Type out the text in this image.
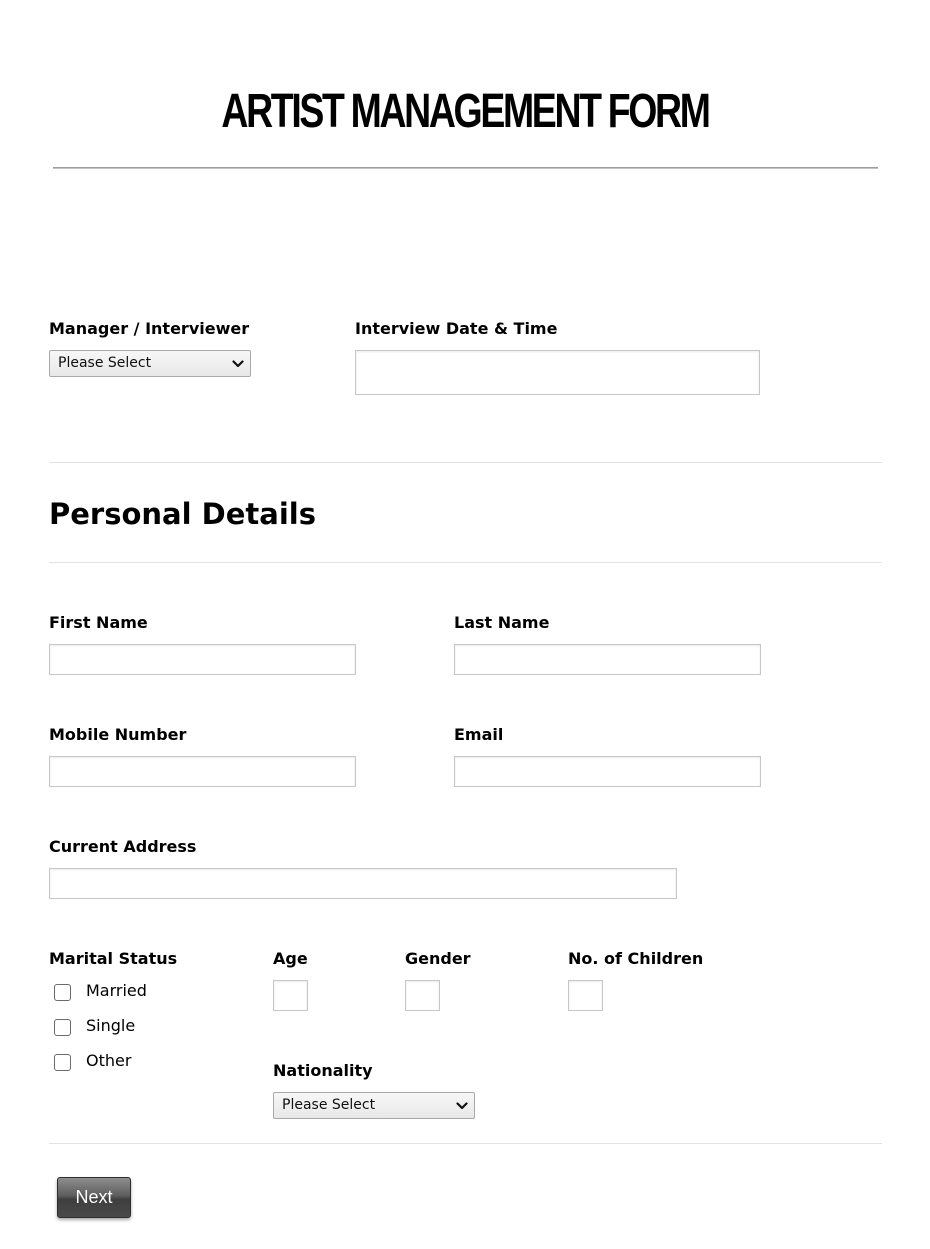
ARTIST MANAGEMENT FORM
Manager / Interviewer
Please Select
Interview Date & Time
Personal Details
First Name	Last Name
Mobile Number	Email
Current Address
Marital Status
Married
Single
Other
Age	Gender	No. of Children
Nationality
Please Select
Next
